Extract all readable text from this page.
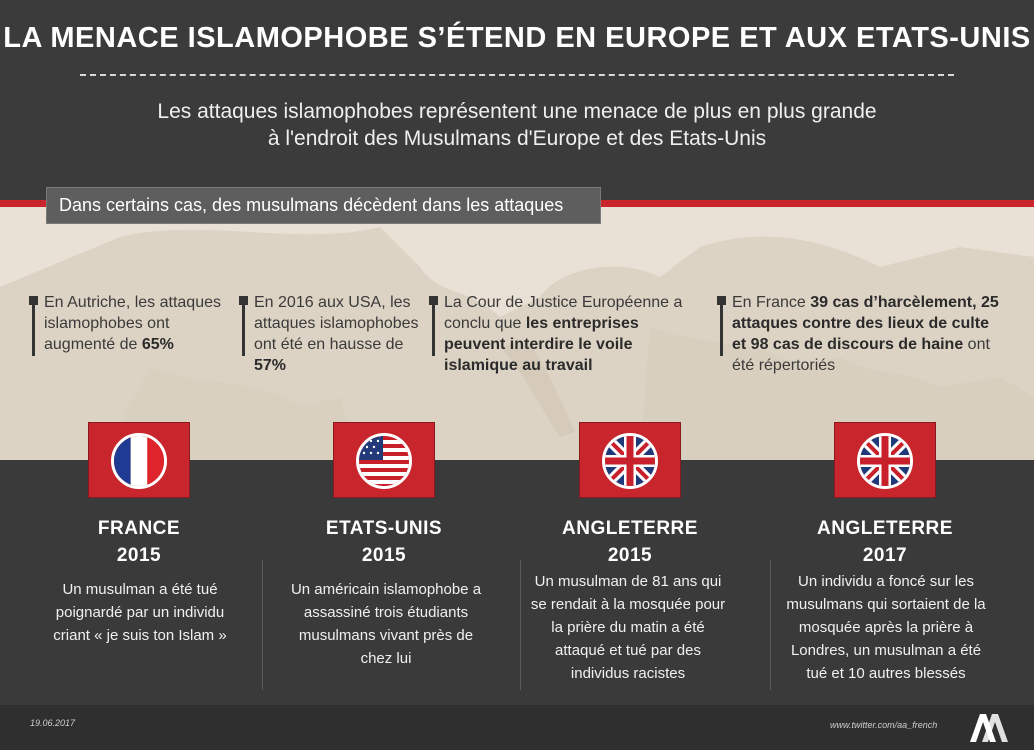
LA MENACE ISLAMOPHOBE S’ÉTEND EN EUROPE ET AUX ETATS-UNIS
Les attaques islamophobes représentent une menace de plus en plus grande
à l'endroit des Musulmans d'Europe et des Etats-Unis
Dans certains cas, des musulmans décèdent dans les attaques
En Autriche, les attaques islamophobes ont augmenté de 65%
En 2016 aux USA, les attaques islamophobes ont été en hausse de 57%
La Cour de Justice Européenne a conclu que les entreprises peuvent interdire le voile islamique au travail
En France 39 cas d’harcèlement, 25 attaques contre des lieux de culte et 98 cas de discours de haine ont été répertoriés
FRANCE
2015
ETATS-UNIS
2015
ANGLETERRE
2015
ANGLETERRE
2017
Un musulman a été tué poignardé par un individu criant « je suis ton Islam »
Un américain islamophobe a assassiné trois étudiants musulmans vivant près de chez lui
Un musulman de 81 ans qui se rendait à la mosquée pour la prière du matin a été attaqué et tué par des individus racistes
Un individu a foncé sur les musulmans qui sortaient de la mosquée après la prière à Londres, un musulman a été tué et 10 autres blessés
19.06.2017	www.twitter.com/aa_french
